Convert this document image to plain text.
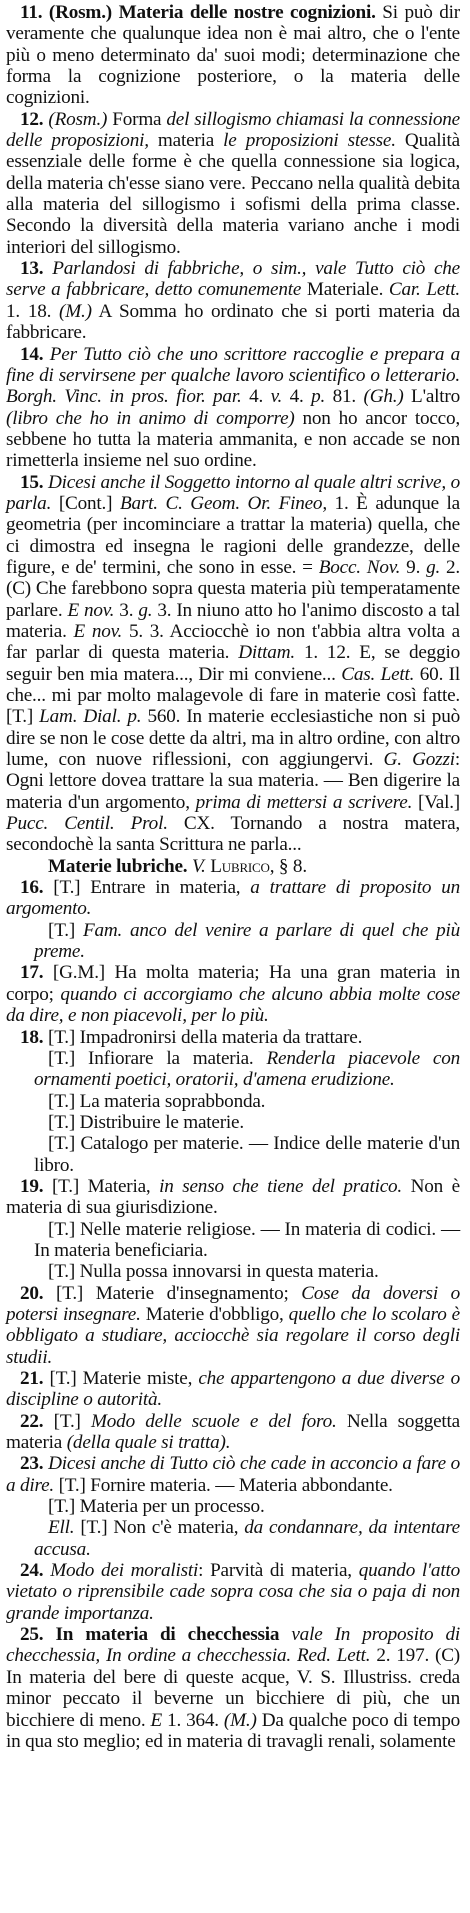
11. (Rosm.) Materia delle nostre cognizioni. Si può dir veramente che qualunque idea non è mai altro, che o l'ente più o meno determinato da' suoi modi; determinazione che forma la cognizione posteriore, o la materia delle cognizioni.
12. (Rosm.) Forma del sillogismo chiamasi la connessione delle proposizioni, materia le proposizioni stesse. Qualità essenziale delle forme è che quella connessione sia logica, della materia ch'esse siano vere. Peccano nella qualità debita alla materia del sillogismo i sofismi della prima classe. Secondo la diversità della materia variano anche i modi interiori del sillogismo.
13. Parlandosi di fabbriche, o sim., vale Tutto ciò che serve a fabbricare, detto comunemente Materiale. Car. Lett. 1. 18. (M.) A Somma ho ordinato che si porti materia da fabbricare.
14. Per Tutto ciò che uno scrittore raccoglie e prepara a fine di servirsene per qualche lavoro scientifico o letterario. Borgh. Vinc. in pros. fior. par. 4. v. 4. p. 81. (Gh.) L'altro (libro che ho in animo di comporre) non ho ancor tocco, sebbene ho tutta la materia ammanita, e non accade se non rimetterla insieme nel suo ordine.
15. Dicesi anche il Soggetto intorno al quale altri scrive, o parla. [Cont.] Bart. C. Geom. Or. Fineo, 1. È adunque la geometria (per incominciare a trattar la materia) quella, che ci dimostra ed insegna le ragioni delle grandezze, delle figure, e de' termini, che sono in esse. = Bocc. Nov. 9. g. 2. (C) Che farebbono sopra questa materia più temperatamente parlare. E nov. 3. g. 3. In niuno atto ho l'animo discosto a tal materia. E nov. 5. 3. Acciocchè io non t'abbia altra volta a far parlar di questa materia. Dittam. 1. 12. E, se deggio seguir ben mia matera..., Dir mi conviene... Cas. Lett. 60. Il che... mi par molto malagevole di fare in materie così fatte. [T.] Lam. Dial. p. 560. In materie ecclesiastiche non si può dire se non le cose dette da altri, ma in altro ordine, con altro lume, con nuove riflessioni, con aggiungervi. G. Gozzi: Ogni lettore dovea trattare la sua materia. — Ben digerire la materia d'un argomento, prima di mettersi a scrivere. [Val.] Pucc. Centil. Prol. CX. Tornando a nostra matera, secondochè la santa Scrittura ne parla...
Materie lubriche. V. Lubrico, § 8.
16. [T.] Entrare in materia, a trattare di proposito un argomento.
[T.] Fam. anco del venire a parlare di quel che più preme.
17. [G.M.] Ha molta materia; Ha una gran materia in corpo; quando ci accorgiamo che alcuno abbia molte cose da dire, e non piacevoli, per lo più.
18. [T.] Impadronirsi della materia da trattare.
[T.] Infiorare la materia. Renderla piacevole con ornamenti poetici, oratorii, d'amena erudizione.
[T.] La materia soprabbonda.
[T.] Distribuire le materie.
[T.] Catalogo per materie. — Indice delle materie d'un libro.
19. [T.] Materia, in senso che tiene del pratico. Non è materia di sua giurisdizione.
[T.] Nelle materie religiose. — In materia di codici. — In materia beneficiaria.
[T.] Nulla possa innovarsi in questa materia.
20. [T.] Materie d'insegnamento; Cose da doversi o potersi insegnare. Materie d'obbligo, quello che lo scolaro è obbligato a studiare, acciocchè sia regolare il corso degli studii.
21. [T.] Materie miste, che appartengono a due diverse o discipline o autorità.
22. [T.] Modo delle scuole e del foro. Nella soggetta materia (della quale si tratta).
23. Dicesi anche di Tutto ciò che cade in acconcio a fare o a dire. [T.] Fornire materia. — Materia abbondante.
[T.] Materia per un processo.
Ell. [T.] Non c'è materia, da condannare, da intentare accusa.
24. Modo dei moralisti: Parvità di materia, quando l'atto vietato o riprensibile cade sopra cosa che sia o paja di non grande importanza.
25. In materia di checchessia vale In proposito di checchessia, In ordine a checchessia. Red. Lett. 2. 197. (C) In materia del bere di queste acque, V. S. Illustriss. creda minor peccato il beverne un bicchiere di più, che un bicchiere di meno. E 1. 364. (M.) Da qualche poco di tempo in qua sto meglio; ed in materia di travagli renali, solamente
